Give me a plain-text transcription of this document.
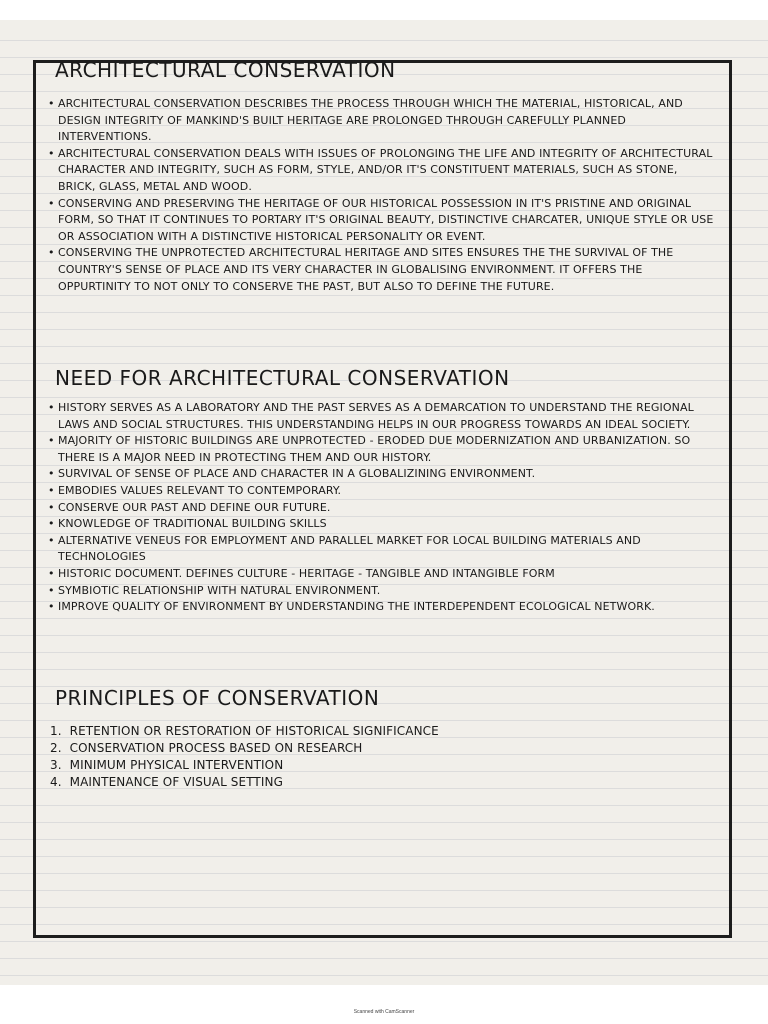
ARCHITECTURAL CONSERVATION
• ARCHITECTURAL CONSERVATION DESCRIBES THE PROCESS THROUGH WHICH THE MATERIAL, HISTORICAL, AND DESIGN INTEGRITY OF MANKIND'S BUILT HERITAGE ARE PROLONGED THROUGH CAREFULLY PLANNED INTERVENTIONS.
• ARCHITECTURAL CONSERVATION DEALS WITH ISSUES OF PROLONGING THE LIFE AND INTEGRITY OF ARCHITECTURAL CHARACTER AND INTEGRITY, SUCH AS FORM, STYLE, AND/OR IT'S CONSTITUENT MATERIALS, SUCH AS STONE, BRICK, GLASS, METAL AND WOOD.
• CONSERVING AND PRESERVING THE HERITAGE OF OUR HISTORICAL POSSESSION IN IT'S PRISTINE AND ORIGINAL FORM, SO THAT IT CONTINUES TO PORTARY IT'S ORIGINAL BEAUTY, DISTINCTIVE CHARCATER, UNIQUE STYLE OR USE OR ASSOCIATION WITH A DISTINCTIVE HISTORICAL PERSONALITY OR EVENT.
• CONSERVING THE UNPROTECTED ARCHITECTURAL HERITAGE AND SITES ENSURES THE THE SURVIVAL OF THE COUNTRY'S SENSE OF PLACE AND ITS VERY CHARACTER IN GLOBALISING ENVIRONMENT. IT OFFERS THE OPPURTINITY TO NOT ONLY TO CONSERVE THE PAST, BUT ALSO TO DEFINE THE FUTURE.
NEED FOR ARCHITECTURAL CONSERVATION
• HISTORY SERVES AS A LABORATORY AND THE PAST SERVES AS A DEMARCATION TO UNDERSTAND THE REGIONAL LAWS AND SOCIAL STRUCTURES. THIS UNDERSTANDING HELPS IN OUR PROGRESS TOWARDS AN IDEAL SOCIETY.
• MAJORITY OF HISTORIC BUILDINGS ARE UNPROTECTED - ERODED DUE MODERNIZATION AND URBANIZATION. SO THERE IS A MAJOR NEED IN PROTECTING THEM AND OUR HISTORY.
• SURVIVAL OF SENSE OF PLACE AND CHARACTER IN A GLOBALIZINING ENVIRONMENT.
• EMBODIES VALUES RELEVANT TO CONTEMPORARY.
• CONSERVE OUR PAST AND DEFINE OUR FUTURE.
• KNOWLEDGE OF TRADITIONAL BUILDING SKILLS
• ALTERNATIVE VENEUS FOR EMPLOYMENT AND PARALLEL MARKET FOR LOCAL BUILDING MATERIALS AND TECHNOLOGIES
• HISTORIC DOCUMENT. DEFINES CULTURE - HERITAGE - TANGIBLE AND INTANGIBLE FORM
• SYMBIOTIC RELATIONSHIP WITH NATURAL ENVIRONMENT.
• IMPROVE QUALITY OF ENVIRONMENT BY UNDERSTANDING THE INTERDEPENDENT ECOLOGICAL NETWORK.
PRINCIPLES OF CONSERVATION
1. RETENTION OR RESTORATION OF HISTORICAL SIGNIFICANCE
2. CONSERVATION PROCESS BASED ON RESEARCH
3. MINIMUM PHYSICAL INTERVENTION
4. MAINTENANCE OF VISUAL SETTING
Scanned with CamScanner
